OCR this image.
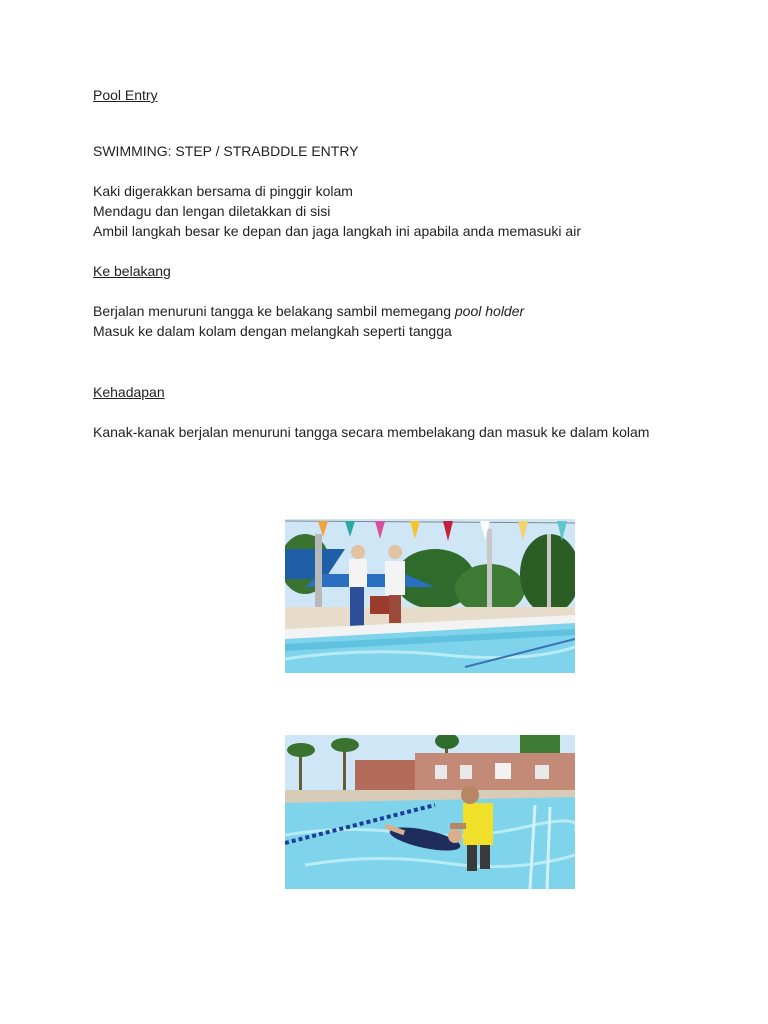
Pool Entry
SWIMMING: STEP / STRABDDLE ENTRY
Kaki digerakkan bersama di pinggir kolam
Mendagu dan lengan diletakkan di sisi
Ambil langkah besar ke depan dan jaga langkah ini apabila anda memasuki air
Ke belakang
Berjalan menuruni tangga ke belakang sambil memegang pool holder
Masuk ke dalam kolam dengan melangkah seperti tangga
Kehadapan
Kanak-kanak berjalan menuruni tangga secara membelakang dan masuk ke dalam kolam
